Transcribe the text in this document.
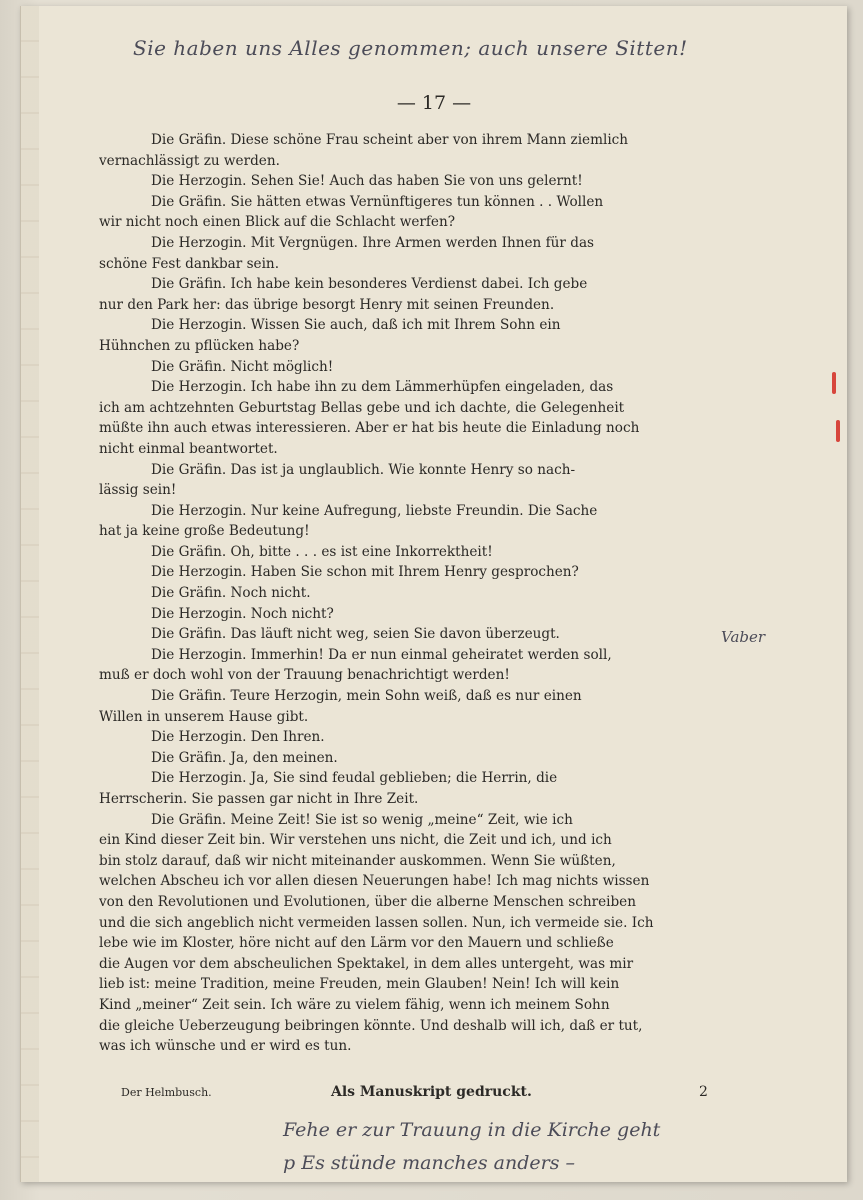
Sie haben uns Alles genommen; auch unsere Sitten!
— 17 —
Die Gräfin. Diese schöne Frau scheint aber von ihrem Mann ziemlich
vernachlässigt zu werden.
Die Herzogin. Sehen Sie! Auch das haben Sie von uns gelernt!
Die Gräfin. Sie hätten etwas Vernünftigeres tun können . . Wollen
wir nicht noch einen Blick auf die Schlacht werfen?
Die Herzogin. Mit Vergnügen. Ihre Armen werden Ihnen für das
schöne Fest dankbar sein.
Die Gräfin. Ich habe kein besonderes Verdienst dabei. Ich gebe
nur den Park her: das übrige besorgt Henry mit seinen Freunden.
Die Herzogin. Wissen Sie auch, daß ich mit Ihrem Sohn ein
Hühnchen zu pflücken habe?
Die Gräfin. Nicht möglich!
Die Herzogin. Ich habe ihn zu dem Lämmerhüpfen eingeladen, das
ich am achtzehnten Geburtstag Bellas gebe und ich dachte, die Gelegenheit
müßte ihn auch etwas interessieren. Aber er hat bis heute die Einladung noch
nicht einmal beantwortet.
Die Gräfin. Das ist ja unglaublich. Wie konnte Henry so nach-
lässig sein!
Die Herzogin. Nur keine Aufregung, liebste Freundin. Die Sache
hat ja keine große Bedeutung!
Die Gräfin. Oh, bitte . . . es ist eine Inkorrektheit!
Die Herzogin. Haben Sie schon mit Ihrem Henry gesprochen?
Die Gräfin. Noch nicht.
Die Herzogin. Noch nicht?
Die Gräfin. Das läuft nicht weg, seien Sie davon überzeugt.
Die Herzogin. Immerhin! Da er nun einmal geheiratet werden soll,
muß er doch wohl von der Trauung benachrichtigt werden!
Die Gräfin. Teure Herzogin, mein Sohn weiß, daß es nur einen
Willen in unserem Hause gibt.
Die Herzogin. Den Ihren.
Die Gräfin. Ja, den meinen.
Die Herzogin. Ja, Sie sind feudal geblieben; die Herrin, die
Herrscherin. Sie passen gar nicht in Ihre Zeit.
Die Gräfin. Meine Zeit! Sie ist so wenig „meine“ Zeit, wie ich
ein Kind dieser Zeit bin. Wir verstehen uns nicht, die Zeit und ich, und ich
bin stolz darauf, daß wir nicht miteinander auskommen. Wenn Sie wüßten,
welchen Abscheu ich vor allen diesen Neuerungen habe! Ich mag nichts wissen
von den Revolutionen und Evolutionen, über die alberne Menschen schreiben
und die sich angeblich nicht vermeiden lassen sollen. Nun, ich vermeide sie. Ich
lebe wie im Kloster, höre nicht auf den Lärm vor den Mauern und schließe
die Augen vor dem abscheulichen Spektakel, in dem alles untergeht, was mir
lieb ist: meine Tradition, meine Freuden, mein Glauben! Nein! Ich will kein
Kind „meiner“ Zeit sein. Ich wäre zu vielem fähig, wenn ich meinem Sohn
die gleiche Ueberzeugung beibringen könnte. Und deshalb will ich, daß er tut,
was ich wünsche und er wird es tun.
Vaber
Der Helmbusch.	Als Manuskript gedruckt.	2
Fehe er zur Trauung in die Kirche geht
p Es stünde manches anders –
